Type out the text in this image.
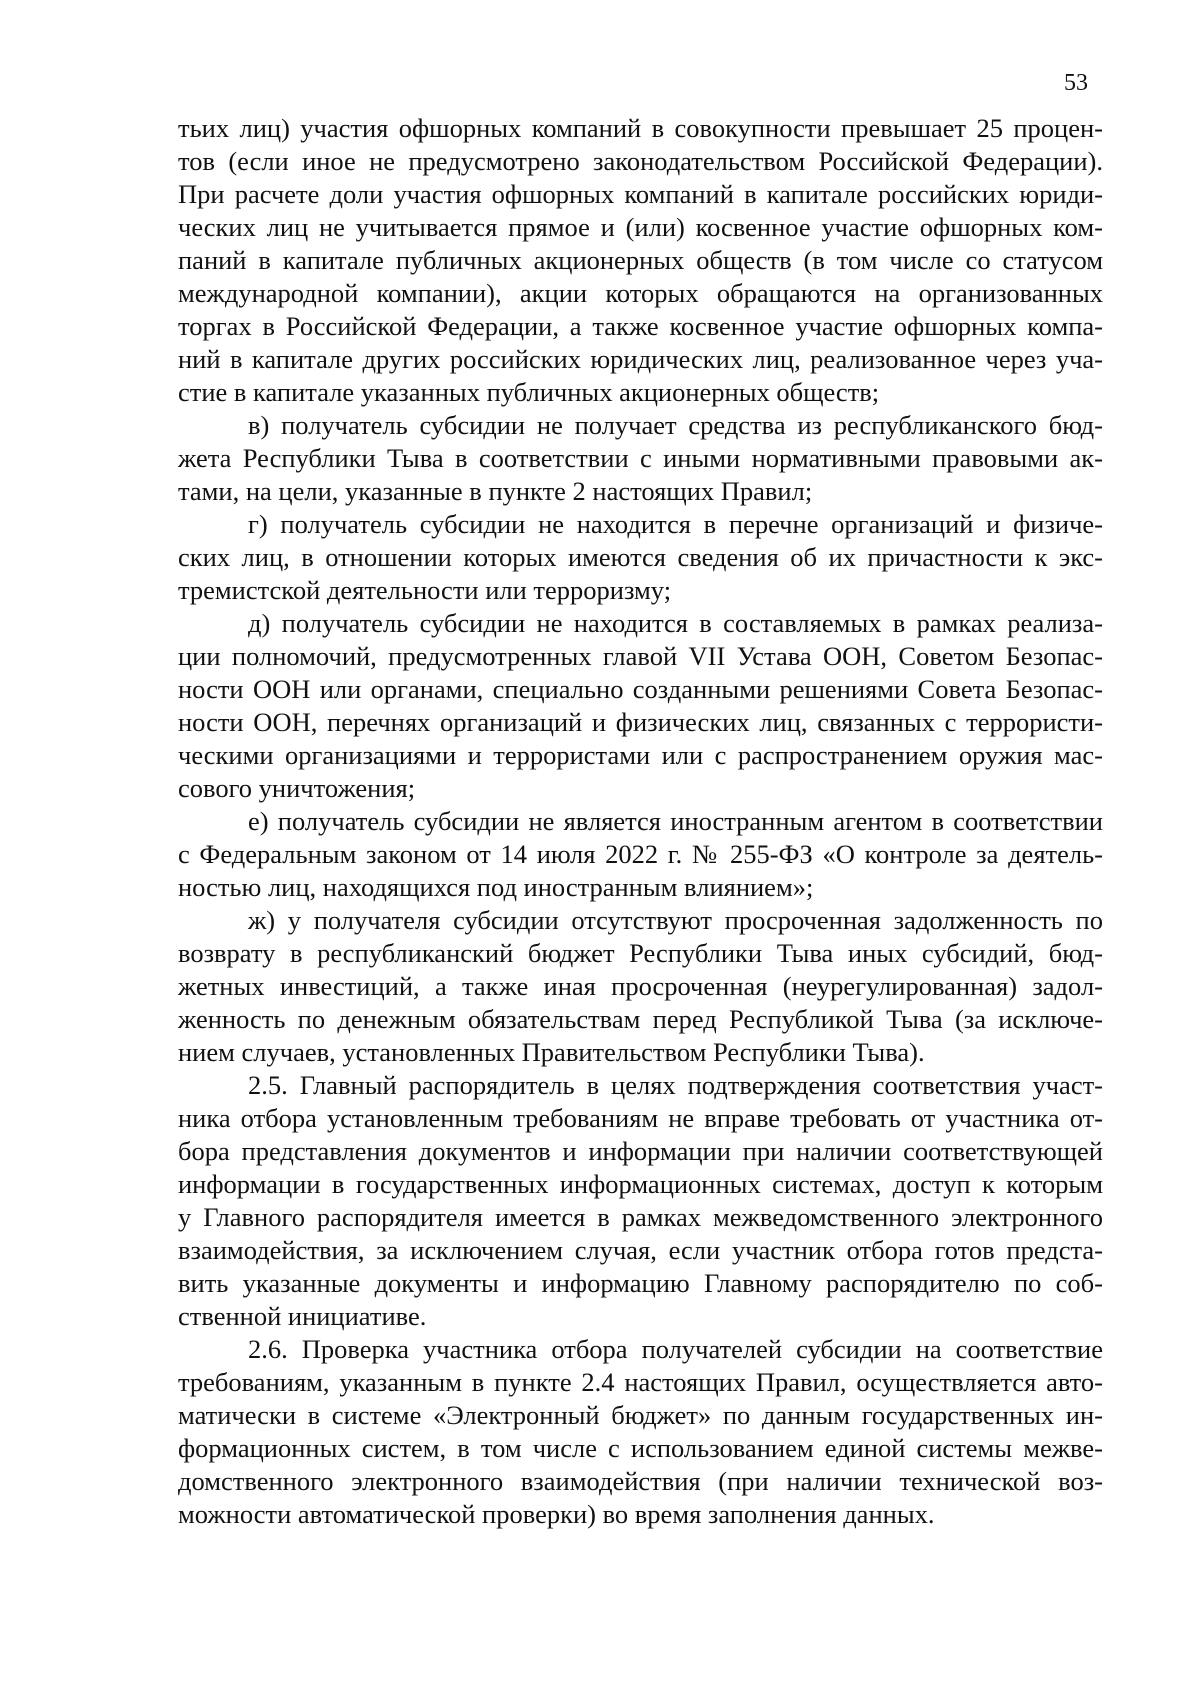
53
тьих лиц) участия офшорных компаний в совокупности превышает 25 процен-
тов (если иное не предусмотрено законодательством Российской Федерации).
При расчете доли участия офшорных компаний в капитале российских юриди-
ческих лиц не учитывается прямое и (или) косвенное участие офшорных ком-
паний в капитале публичных акционерных обществ (в том числе со статусом
международной компании), акции которых обращаются на организованных
торгах в Российской Федерации, а также косвенное участие офшорных компа-
ний в капитале других российских юридических лиц, реализованное через уча-
стие в капитале указанных публичных акционерных обществ;
в) получатель субсидии не получает средства из республиканского бюд-
жета Республики Тыва в соответствии с иными нормативными правовыми ак-
тами, на цели, указанные в пункте 2 настоящих Правил;
г) получатель субсидии не находится в перечне организаций и физиче-
ских лиц, в отношении которых имеются сведения об их причастности к экс-
тремистской деятельности или терроризму;
д) получатель субсидии не находится в составляемых в рамках реализа-
ции полномочий, предусмотренных главой VII Устава ООН, Советом Безопас-
ности ООН или органами, специально созданными решениями Совета Безопас-
ности ООН, перечнях организаций и физических лиц, связанных с террористи-
ческими организациями и террористами или с распространением оружия мас-
сового уничтожения;
е) получатель субсидии не является иностранным агентом в соответствии
с Федеральным законом от 14 июля 2022 г. № 255-ФЗ «О контроле за деятель-
ностью лиц, находящихся под иностранным влиянием»;
ж) у получателя субсидии отсутствуют просроченная задолженность по
возврату в республиканский бюджет Республики Тыва иных субсидий, бюд-
жетных инвестиций, а также иная просроченная (неурегулированная) задол-
женность по денежным обязательствам перед Республикой Тыва (за исключе-
нием случаев, установленных Правительством Республики Тыва).
2.5. Главный распорядитель в целях подтверждения соответствия участ-
ника отбора установленным требованиям не вправе требовать от участника от-
бора представления документов и информации при наличии соответствующей
информации в государственных информационных системах, доступ к которым
у Главного распорядителя имеется в рамках межведомственного электронного
взаимодействия, за исключением случая, если участник отбора готов предста-
вить указанные документы и информацию Главному распорядителю по соб-
ственной инициативе.
2.6. Проверка участника отбора получателей субсидии на соответствие
требованиям, указанным в пункте 2.4 настоящих Правил, осуществляется авто-
матически в системе «Электронный бюджет» по данным государственных ин-
формационных систем, в том числе с использованием единой системы межве-
домственного электронного взаимодействия (при наличии технической воз-
можности автоматической проверки) во время заполнения данных.
